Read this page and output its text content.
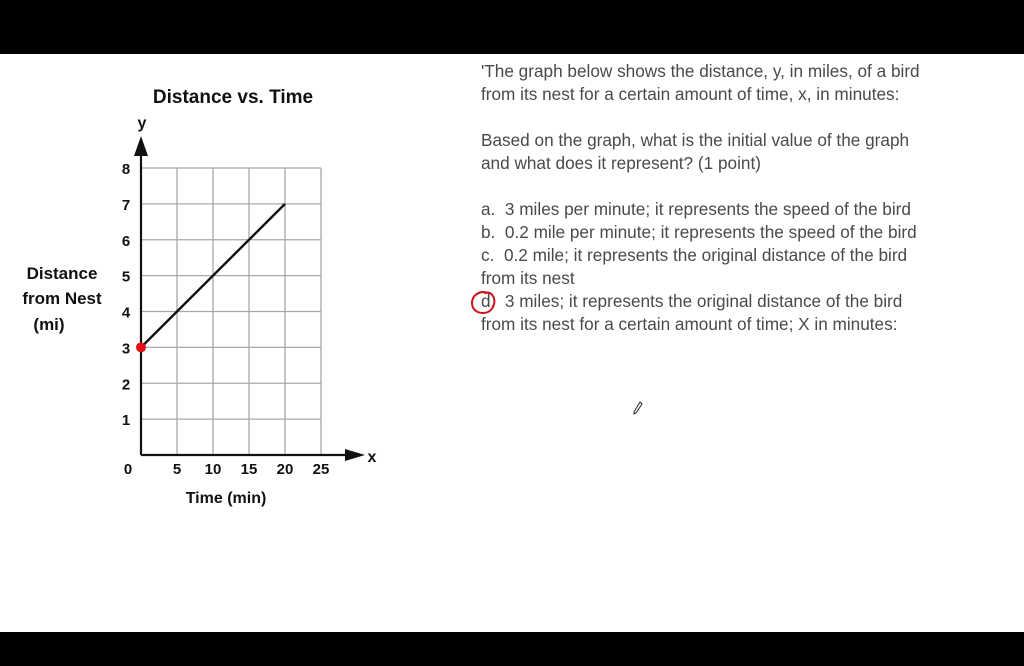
y
x
1
2
3
4
5
6
7
8
0	5 10 15 20 25
Distance vs. Time
Time (min)
Distance
from Nest
(mi)
'The graph below shows the distance, y, in miles, of a bird
from its nest for a certain amount of time, x, in minutes:
Based on the graph, what is the initial value of the graph
and what does it represent? (1 point)
a. 3 miles per minute; it represents the speed of the bird
b. 0.2 mile per minute; it represents the speed of the bird
c. 0.2 mile; it represents the original distance of the bird
from its nest
d. 3 miles; it represents the original distance of the bird
from its nest for a certain amount of time; X in minutes:
